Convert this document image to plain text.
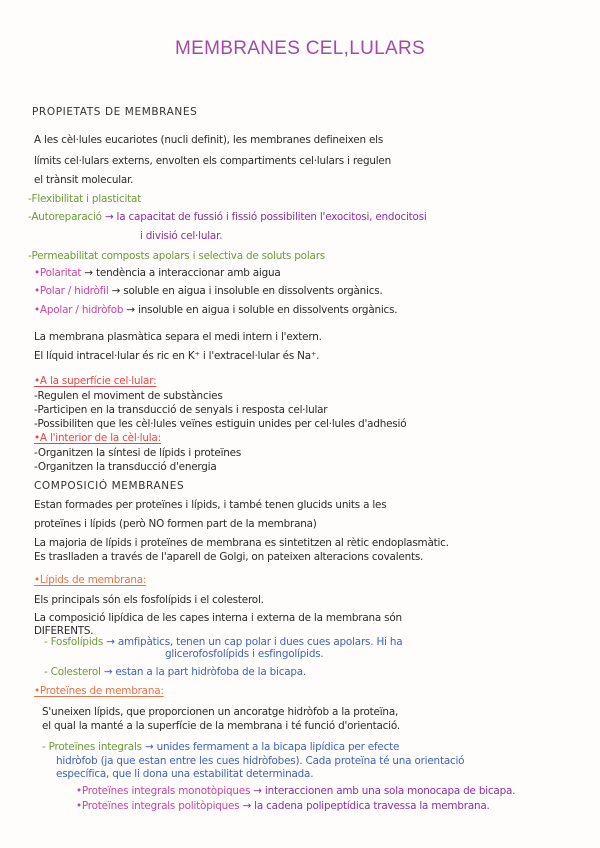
MEMBRANES CEL,LULARS
PROPIETATS DE MEMBRANES
A les cèl·lules eucariotes (nucli definit), les membranes defineixen els
límits cel·lulars externs, envolten els compartiments cel·lulars i regulen
el trànsit molecular.
-Flexibilitat i plasticitat
-Autoreparació → la capacitat de fussió i fissió possibiliten l'exocitosi, endocitosi
i divisió cel·lular.
-Permeabilitat composts apolars i selectiva de soluts polars
•Polaritat → tendència a interaccionar amb aigua
•Polar / hidròfil → soluble en aigua i insoluble en dissolvents orgànics.
•Apolar / hidròfob → insoluble en aigua i soluble en dissolvents orgànics.
La membrana plasmàtica separa el medi intern i l'extern.
El líquid intracel·lular és ric en K⁺ i l'extracel·lular és Na⁺.
•A la superfície cel·lular:
-Regulen el moviment de substàncies
-Participen en la transducció de senyals i resposta cel·lular
-Possibiliten que les cèl·lules veïnes estiguin unides per cel·lules d'adhesió
•A l'interior de la cèl·lula:
-Organitzen la síntesi de lípids i proteïnes
-Organitzen la transducció d'energia
COMPOSICIÓ MEMBRANES
Estan formades per proteïnes i lípids, i també tenen glucids units a les
proteïnes i lípids (però NO formen part de la membrana)
La majoria de lípids i proteïnes de membrana es sintetitzen al rètic endoplasmàtic.
Es traslladen a través de l'aparell de Golgi, on pateixen alteracions covalents.
•Lípids de membrana:
Els principals són els fosfolípids i el colesterol.
La composició lipídica de les capes interna i externa de la membrana són
DIFERENTS.
- Fosfolípids → amfipàtics, tenen un cap polar i dues cues apolars. Hi ha
glicerofosfolípids i esfingolípids.
- Colesterol → estan a la part hidròfoba de la bicapa.
•Proteïnes de membrana:
S'uneixen lípids, que proporcionen un ancoratge hidròfob a la proteïna,
el qual la manté a la superfície de la membrana i té funció d'orientació.
- Proteïnes integrals → unides fermament a la bicapa lipídica per efecte
hidròfob (ja que estan entre les cues hidròfobes). Cada proteïna té una orientació
específica, que li dona una estabilitat determinada.
•Proteïnes integrals monotòpiques → interaccionen amb una sola monocapa de bicapa.
•Proteïnes integrals politòpiques → la cadena polipeptídica travessa la membrana.
